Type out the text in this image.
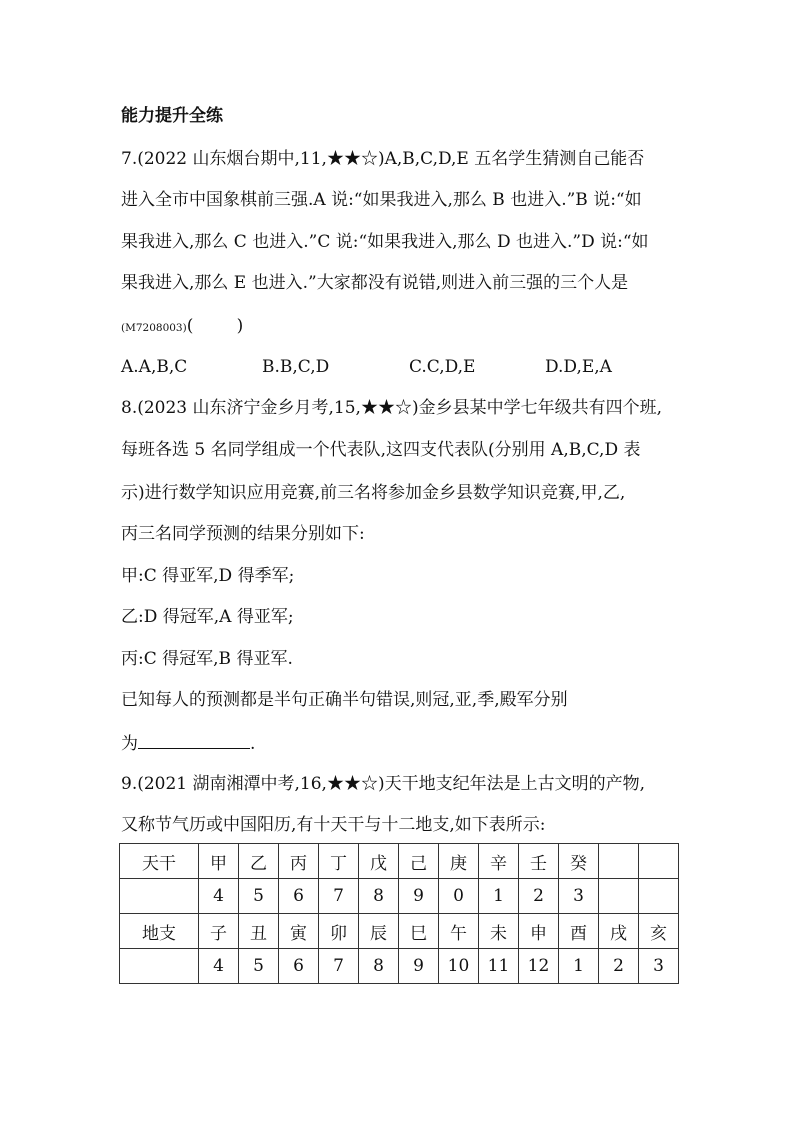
能力提升全练
7.(2022 山东烟台期中,11,★★☆)A,B,C,D,E 五名学生猜测自己能否
进入全市中国象棋前三强.A 说:“如果我进入,那么 B 也进入.”B 说:“如
果我进入,那么 C 也进入.”C 说:“如果我进入,那么 D 也进入.”D 说:“如
果我进入,那么 E 也进入.”大家都没有说错,则进入前三强的三个人是
(M7208003)(        )
A.A,B,C	B.B,C,D	C.C,D,E	D.D,E,A
8.(2023 山东济宁金乡月考,15,★★☆)金乡县某中学七年级共有四个班,
每班各选 5 名同学组成一个代表队,这四支代表队(分别用 A,B,C,D 表
示)进行数学知识应用竞赛,前三名将参加金乡县数学知识竞赛,甲,乙,
丙三名同学预测的结果分别如下:
甲:C 得亚军,D 得季军;
乙:D 得冠军,A 得亚军;
丙:C 得冠军,B 得亚军.
已知每人的预测都是半句正确半句错误,则冠,亚,季,殿军分别
为	.
9.(2021 湖南湘潭中考,16,★★☆)天干地支纪年法是上古文明的产物,
又称节气历或中国阳历,有十天干与十二地支,如下表所示:
天干	甲	乙	丙	丁	戊	己	庚	辛	壬	癸		
	4	5	6	7	8	9	0	1	2	3		
地支	子	丑	寅	卯	辰	巳	午	未	申	酉	戌	亥
	4	5	6	7	8	9	10	11	12	1	2	3
